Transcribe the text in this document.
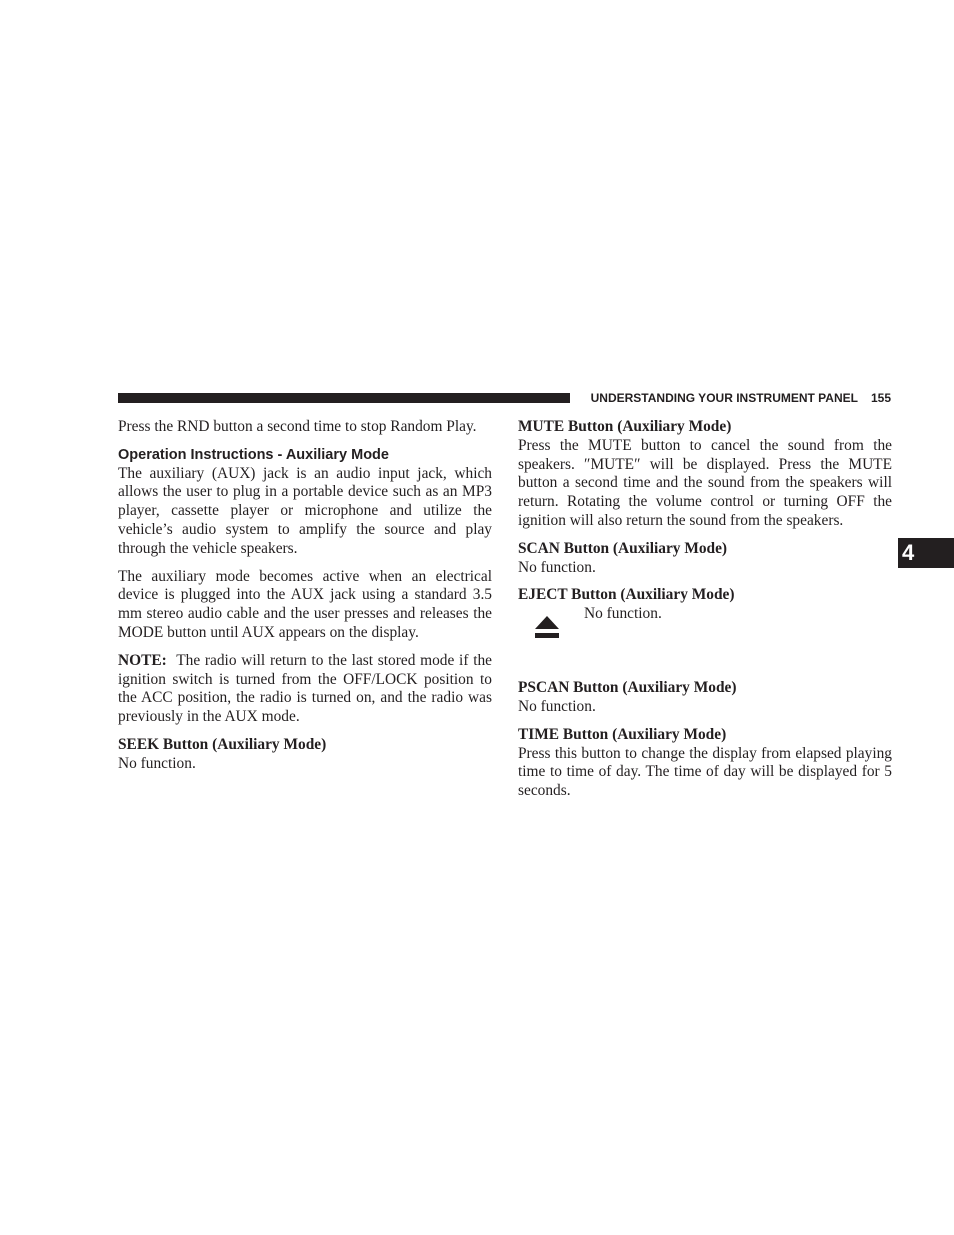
UNDERSTANDING YOUR INSTRUMENT PANEL 155
4

Press the RND button a second time to stop Random Play.

Operation Instructions - Auxiliary Mode

The auxiliary (AUX) jack is an audio input jack, which allows the user to plug in a portable device such as an MP3 player, cassette player or microphone and utilize the vehicle’s audio system to amplify the source and play through the vehicle speakers.

The auxiliary mode becomes active when an electrical device is plugged into the AUX jack using a standard 3.5 mm stereo audio cable and the user presses and releases the MODE button until AUX appears on the display.

NOTE: The radio will return to the last stored mode if the ignition switch is turned from the OFF/LOCK position to the ACC position, the radio is turned on, and the radio was previously in the AUX mode.

SEEK Button (Auxiliary Mode)

No function.

MUTE Button (Auxiliary Mode)

Press the MUTE button to cancel the sound from the speakers. ″MUTE″ will be displayed. Press the MUTE button a second time and the sound from the speakers will return. Rotating the volume control or turning OFF the ignition will also return the sound from the speakers.

SCAN Button (Auxiliary Mode)

No function.

EJECT Button (Auxiliary Mode)
No function.
PSCAN Button (Auxiliary Mode)

No function.

TIME Button (Auxiliary Mode)

Press this button to change the display from elapsed playing time to time of day. The time of day will be displayed for 5 seconds.
